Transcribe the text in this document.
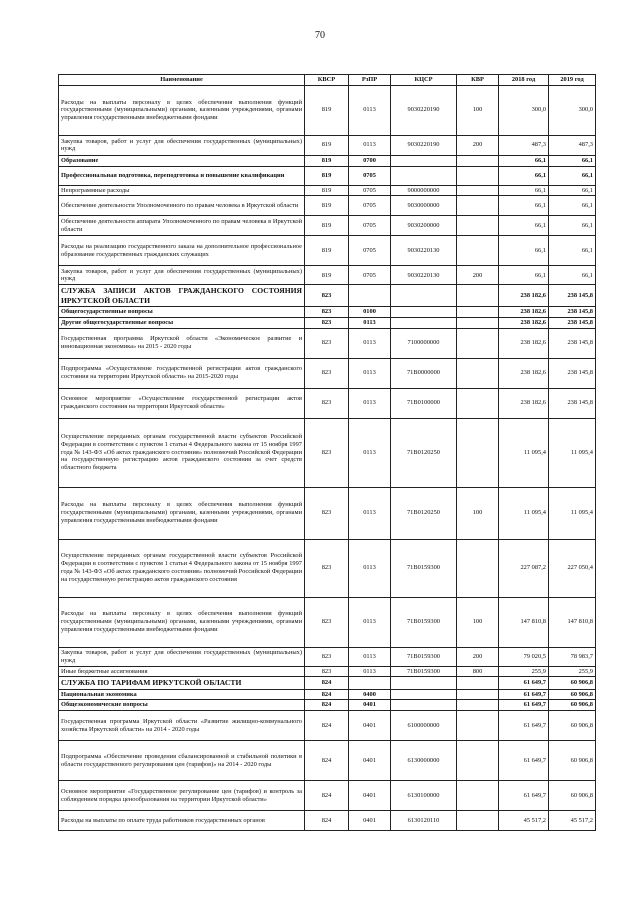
70
Наименование	КВСР	РзПР	КЦСР	КВР	2018 год	2019 год
Расходы на выплаты персоналу в целях обеспечения выполнения функций государственными (муниципальными) органами, казенными учреждениями, органами управления государственными внебюджетными фондами	819	0113	9030220190	100	300,0	300,0
Закупка товаров, работ и услуг для обеспечения государственных (муниципальных) нужд	819	0113	9030220190	200	487,3	487,3
Образование	819	0700			66,1	66,1
Профессиональная подготовка, переподготовка и повышение квалификации	819	0705			66,1	66,1
Непрограммные расходы	819	0705	9000000000		66,1	66,1
Обеспечение деятельности Уполномоченного по правам человека в Иркутской области	819	0705	9030000000		66,1	66,1
Обеспечение деятельности аппарата Уполномоченного по правам человека в Иркутской области	819	0705	9030200000		66,1	66,1
Расходы на реализацию государственного заказа на дополнительное профессиональное образование государственных гражданских служащих	819	0705	9030220130		66,1	66,1
Закупка товаров, работ и услуг для обеспечения государственных (муниципальных) нужд	819	0705	9030220130	200	66,1	66,1
СЛУЖБА ЗАПИСИ АКТОВ ГРАЖДАНСКОГО СОСТОЯНИЯ ИРКУТСКОЙ ОБЛАСТИ	823				238 182,6	238 145,8
Общегосударственные вопросы	823	0100			238 182,6	238 145,8
Другие общегосударственные вопросы	823	0113			238 182,6	238 145,8
Государственная программа Иркутской области «Экономическое развитие и инновационная экономика» на 2015 - 2020 годы	823	0113	7100000000		238 182,6	238 145,8
Подпрограмма «Осуществление государственной регистрации актов гражданского состояния на территории Иркутской области» на 2015-2020 годы	823	0113	71В0000000		238 182,6	238 145,8
Основное мероприятие «Осуществление государственной регистрации актов гражданского состояния на территории Иркутской области»	823	0113	71В0100000		238 182,6	238 145,8
Осуществление переданных органам государственной власти субъектов Российской Федерации в соответствии с пунктом 1 статьи 4 Федерального закона от 15 ноября 1997 года № 143-ФЗ «Об актах гражданского состояния» полномочий Российской Федерации на государственную регистрацию актов гражданского состояния за счет средств областного бюджета	823	0113	71В0120250		11 095,4	11 095,4
Расходы на выплаты персоналу в целях обеспечения выполнения функций государственными (муниципальными) органами, казенными учреждениями, органами управления государственными внебюджетными фондами	823	0113	71В0120250	100	11 095,4	11 095,4
Осуществление переданных органам государственной власти субъектов Российской Федерации в соответствии с пунктом 1 статьи 4 Федерального закона от 15 ноября 1997 года № 143-ФЗ «Об актах гражданского состояния» полномочий Российской Федерации на государственную регистрацию актов гражданского состояния	823	0113	71В0159300		227 087,2	227 050,4
Расходы на выплаты персоналу в целях обеспечения выполнения функций государственными (муниципальными) органами, казенными учреждениями, органами управления государственными внебюджетными фондами	823	0113	71В0159300	100	147 810,8	147 810,8
Закупка товаров, работ и услуг для обеспечения государственных (муниципальных) нужд	823	0113	71В0159300	200	79 020,5	78 983,7
Иные бюджетные ассигнования	823	0113	71В0159300	800	255,9	255,9
СЛУЖБА ПО ТАРИФАМ ИРКУТСКОЙ ОБЛАСТИ	824				61 649,7	60 906,8
Национальная экономика	824	0400			61 649,7	60 906,8
Общеэкономические вопросы	824	0401			61 649,7	60 906,8
Государственная программа Иркутской области «Развитие жилищно-коммунального хозяйства Иркутской области» на 2014 - 2020 годы	824	0401	6100000000		61 649,7	60 906,8
Подпрограмма «Обеспечение проведения сбалансированной и стабильной политики в области государственного регулирования цен (тарифов)» на 2014 - 2020 годы	824	0401	6130000000		61 649,7	60 906,8
Основное мероприятие «Государственное регулирование цен (тарифов) и контроль за соблюдением порядка ценообразования на территории Иркутской области»	824	0401	6130100000		61 649,7	60 906,8
Расходы на выплаты по оплате труда работников государственных органов	824	0401	6130120110		45 517,2	45 517,2
